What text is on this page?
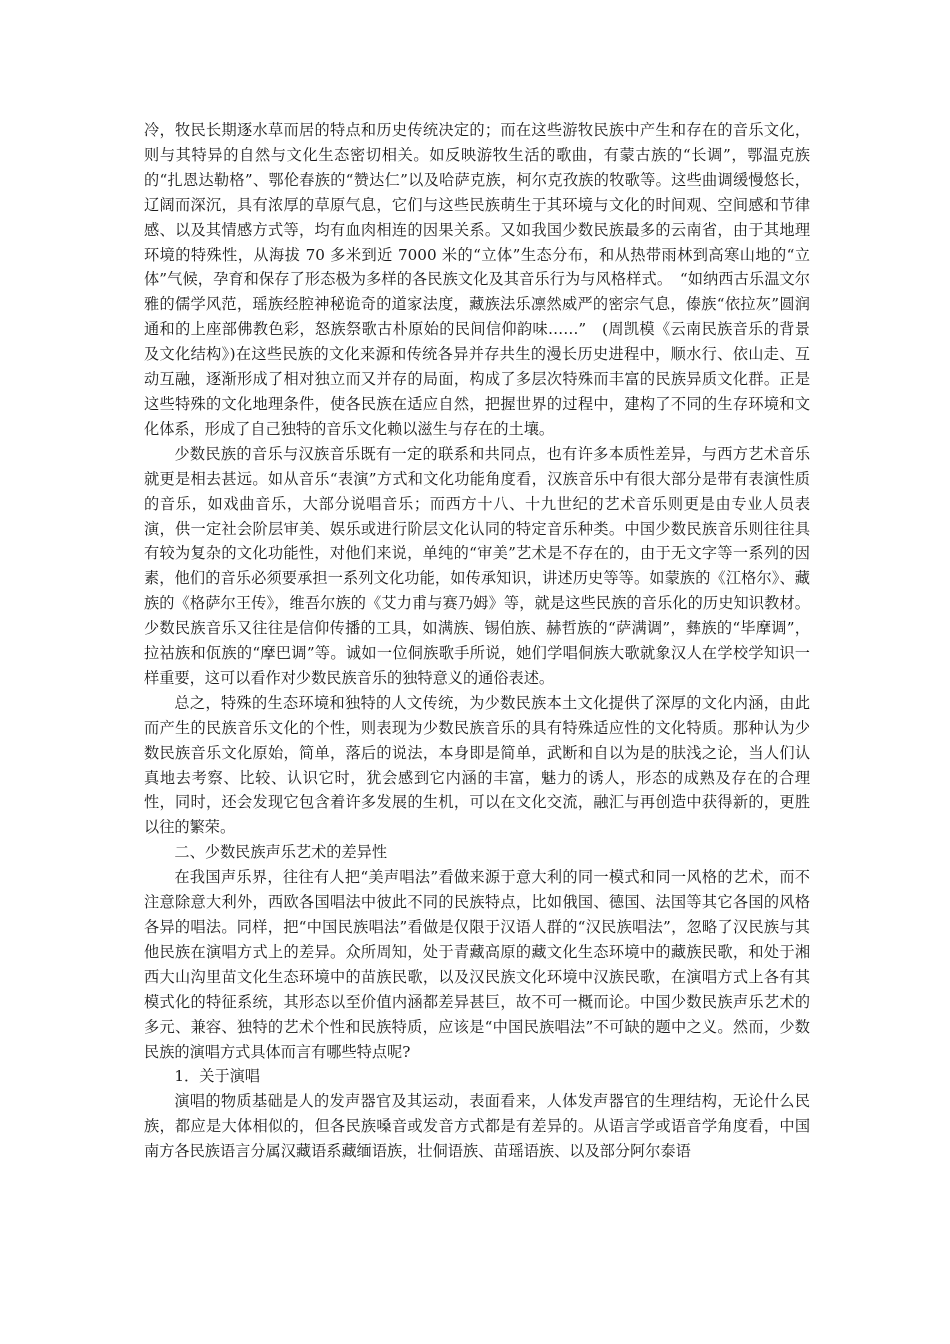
冷，牧民长期逐水草而居的特点和历史传统决定的；而在这些游牧民族中产生和存在的音乐文化，则与其特异的自然与文化生态密切相关。如反映游牧生活的歌曲，有蒙古族的“长调”，鄂温克族的“扎恩达勒格”、鄂伦春族的“赞达仁”以及哈萨克族，柯尔克孜族的牧歌等。这些曲调缓慢悠长，辽阔而深沉，具有浓厚的草原气息，它们与这些民族萌生于其环境与文化的时间观、空间感和节律感、以及其情感方式等，均有血肉相连的因果关系。又如我国少数民族最多的云南省，由于其地理环境的特殊性，从海拔 70 多米到近 7000 米的“立体”生态分布，和从热带雨林到高寒山地的“立体”气候，孕育和保存了形态极为多样的各民族文化及其音乐行为与风格样式。　“如纳西古乐温文尔雅的儒学风范，瑶族经腔神秘诡奇的道家法度，藏族法乐凛然威严的密宗气息，傣族“依拉灰”圆润通和的上座部佛教色彩，怒族祭歌古朴原始的民间信仰韵味……”　(周凯模《云南民族音乐的背景及文化结构》)在这些民族的文化来源和传统各异并存共生的漫长历史进程中，顺水行、依山走、互动互融，逐渐形成了相对独立而又并存的局面，构成了多层次特殊而丰富的民族异质文化群。正是这些特殊的文化地理条件，使各民族在适应自然，把握世界的过程中，建构了不同的生存环境和文化体系，形成了自己独特的音乐文化赖以滋生与存在的土壤。

少数民族的音乐与汉族音乐既有一定的联系和共同点，也有许多本质性差异，与西方艺术音乐就更是相去甚远。如从音乐“表演”方式和文化功能角度看，汉族音乐中有很大部分是带有表演性质的音乐，如戏曲音乐，大部分说唱音乐；而西方十八、十九世纪的艺术音乐则更是由专业人员表演，供一定社会阶层审美、娱乐或进行阶层文化认同的特定音乐种类。中国少数民族音乐则往往具有较为复杂的文化功能性，对他们来说，单纯的“审美”艺术是不存在的，由于无文字等一系列的因素，他们的音乐必须要承担一系列文化功能，如传承知识，讲述历史等等。如蒙族的《江格尔》、藏族的《格萨尔王传》，维吾尔族的《艾力甫与赛乃姆》等，就是这些民族的音乐化的历史知识教材。少数民族音乐又往往是信仰传播的工具，如满族、锡伯族、赫哲族的“萨满调”，彝族的“毕摩调”，拉祜族和佤族的“摩巴调”等。诚如一位侗族歌手所说，她们学唱侗族大歌就象汉人在学校学知识一样重要，这可以看作对少数民族音乐的独特意义的通俗表述。

总之，特殊的生态环境和独特的人文传统，为少数民族本土文化提供了深厚的文化内涵，由此而产生的民族音乐文化的个性，则表现为少数民族音乐的具有特殊适应性的文化特质。那种认为少数民族音乐文化原始，简单，落后的说法，本身即是简单，武断和自以为是的肤浅之论，当人们认真地去考察、比较、认识它时，犹会感到它内涵的丰富，魅力的诱人，形态的成熟及存在的合理性，同时，还会发现它包含着许多发展的生机，可以在文化交流，融汇与再创造中获得新的，更胜以往的繁荣。

二、少数民族声乐艺术的差异性

在我国声乐界，往往有人把“美声唱法”看做来源于意大利的同一模式和同一风格的艺术，而不注意除意大利外，西欧各国唱法中彼此不同的民族特点，比如俄国、德国、法国等其它各国的风格各异的唱法。同样，把“中国民族唱法”看做是仅限于汉语人群的“汉民族唱法”，忽略了汉民族与其他民族在演唱方式上的差异。众所周知，处于青藏高原的藏文化生态环境中的藏族民歌，和处于湘西大山沟里苗文化生态环境中的苗族民歌，以及汉民族文化环境中汉族民歌，在演唱方式上各有其模式化的特征系统，其形态以至价值内涵都差异甚巨，故不可一概而论。中国少数民族声乐艺术的多元、兼容、独特的艺术个性和民族特质，应该是“中国民族唱法”不可缺的题中之义。然而，少数民族的演唱方式具体而言有哪些特点呢?

1．关于演唱

演唱的物质基础是人的发声器官及其运动，表面看来，人体发声器官的生理结构，无论什么民族，都应是大体相似的，但各民族嗓音或发音方式都是有差异的。从语言学或语音学角度看，中国南方各民族语言分属汉藏语系藏缅语族，壮侗语族、苗瑶语族、以及部分阿尔泰语
